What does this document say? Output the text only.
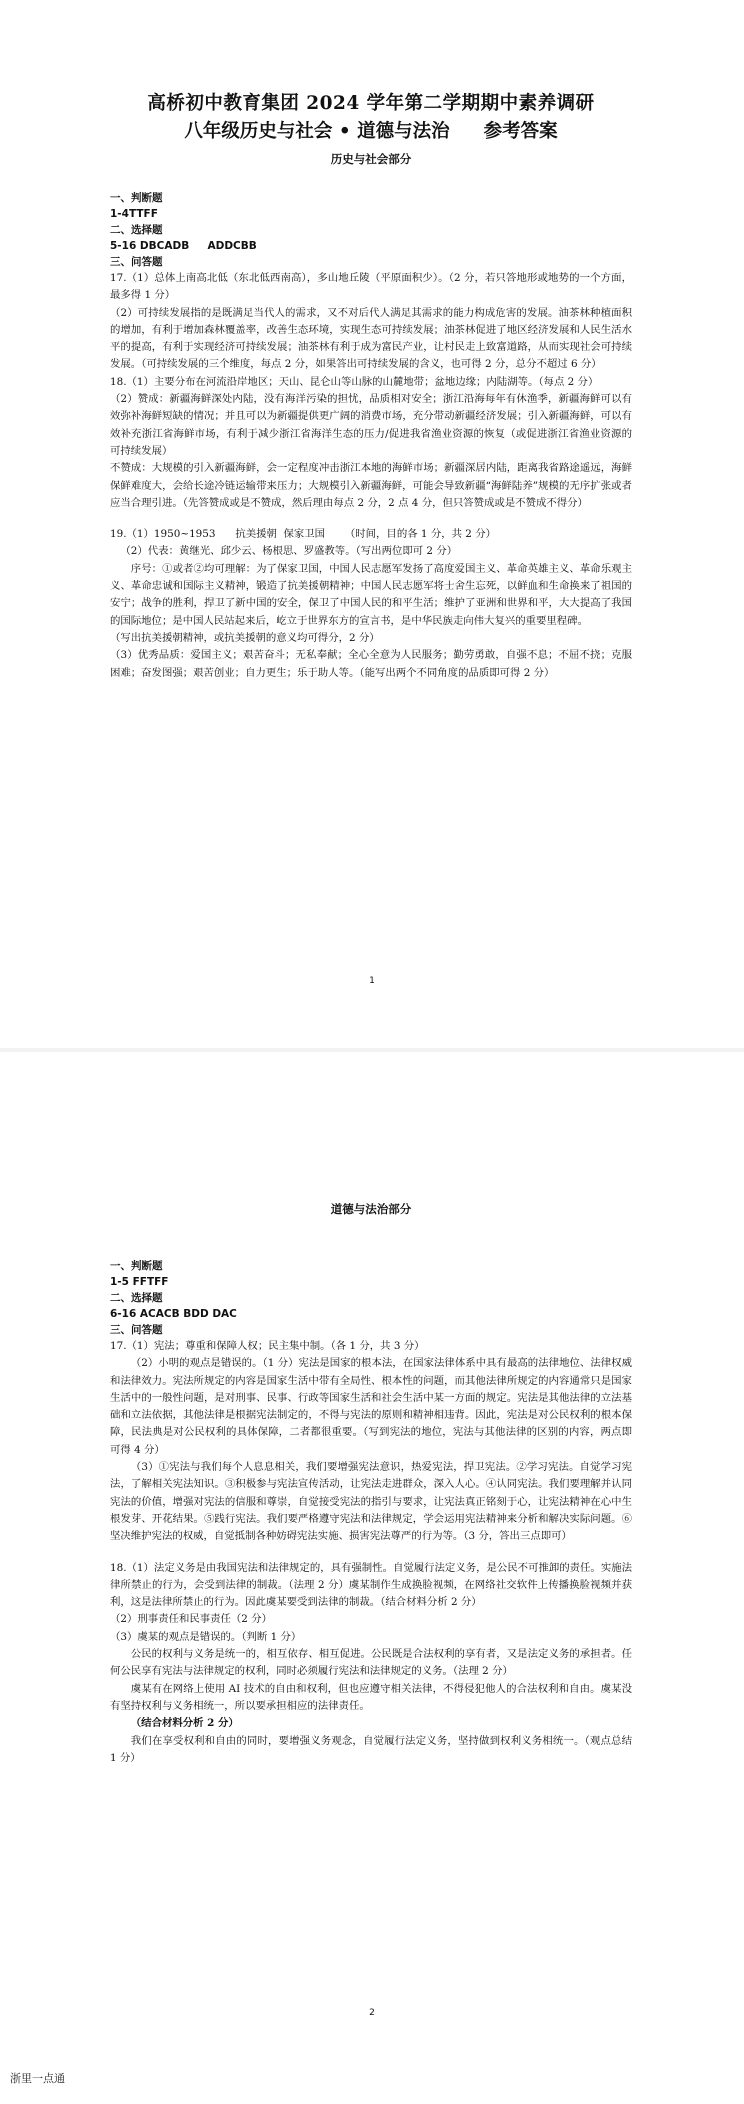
高桥初中教育集团 2024 学年第二学期期中素养调研

八年级历史与社会 • 道德与法治 参考答案

历史与社会部分

一、判断题

1-4TTFF

二、选择题

5-16 DBCADB     ADDCBB

三、问答题

17.（1）总体上南高北低（东北低西南高），多山地丘陵（平原面积少）。（2 分，若只答地形或地势的一个方面，最多得 1 分）

（2）可持续发展指的是既满足当代人的需求，又不对后代人满足其需求的能力构成危害的发展。油茶林种植面积的增加，有利于增加森林覆盖率，改善生态环境，实现生态可持续发展；油茶林促进了地区经济发展和人民生活水平的提高，有利于实现经济可持续发展；油茶林有利于成为富民产业，让村民走上致富道路，从而实现社会可持续发展。（可持续发展的三个维度，每点 2 分，如果答出可持续发展的含义，也可得 2 分，总分不超过 6 分）

18.（1）主要分布在河流沿岸地区；天山、昆仑山等山脉的山麓地带；盆地边缘；内陆湖等。（每点 2 分）

（2）赞成：新疆海鲜深处内陆，没有海洋污染的担忧，品质相对安全；浙江沿海每年有休渔季，新疆海鲜可以有效弥补海鲜短缺的情况；并且可以为新疆提供更广阔的消费市场，充分带动新疆经济发展；引入新疆海鲜，可以有效补充浙江省海鲜市场，有利于减少浙江省海洋生态的压力/促进我省渔业资源的恢复（或促进浙江省渔业资源的可持续发展）

不赞成：大规模的引入新疆海鲜，会一定程度冲击浙江本地的海鲜市场；新疆深居内陆，距离我省路途遥远，海鲜保鲜难度大，会给长途冷链运输带来压力；大规模引入新疆海鲜，可能会导致新疆“海鲜陆养”规模的无序扩张或者应当合理引进。（先答赞成或是不赞成，然后理由每点 2 分，2 点 4 分，但只答赞成或是不赞成不得分）

19.（1）1950~1953      抗美援朝  保家卫国      （时间，目的各 1 分，共 2 分）

（2）代表：黄继光、邱少云、杨根思、罗盛教等。（写出两位即可 2 分）

序号：①或者②均可理解：为了保家卫国，中国人民志愿军发扬了高度爱国主义、革命英雄主义、革命乐观主义、革命忠诚和国际主义精神，锻造了抗美援朝精神；中国人民志愿军将士舍生忘死，以鲜血和生命换来了祖国的安宁；战争的胜利，捍卫了新中国的安全，保卫了中国人民的和平生活；维护了亚洲和世界和平，大大提高了我国的国际地位；是中国人民站起来后，屹立于世界东方的宣言书，是中华民族走向伟大复兴的重要里程碑。

（写出抗美援朝精神，或抗美援朝的意义均可得分，2 分）

（3）优秀品质：爱国主义；艰苦奋斗；无私奉献；全心全意为人民服务；勤劳勇敢，自强不息；不屈不挠；克服困难；奋发图强；艰苦创业；自力更生；乐于助人等。（能写出两个不同角度的品质即可得 2 分）

1

道德与法治部分

一、判断题

1-5 FFTFF

二、选择题

6-16 ACACB BDD DAC

三、问答题

17.（1）宪法；尊重和保障人权；民主集中制。（各 1 分，共 3 分）

（2）小明的观点是错误的。（1 分）宪法是国家的根本法，在国家法律体系中具有最高的法律地位、法律权威和法律效力。宪法所规定的内容是国家生活中带有全局性、根本性的问题，而其他法律所规定的内容通常只是国家生活中的一般性问题，是对刑事、民事、行政等国家生活和社会生活中某一方面的规定。宪法是其他法律的立法基础和立法依据，其他法律是根据宪法制定的，不得与宪法的原则和精神相违背。因此，宪法是对公民权利的根本保障，民法典是对公民权利的具体保障，二者都很重要。（写到宪法的地位，宪法与其他法律的区别的内容，两点即可得 4 分）

（3）①宪法与我们每个人息息相关，我们要增强宪法意识，热爱宪法，捍卫宪法。②学习宪法。自觉学习宪法，了解相关宪法知识。③积极参与宪法宣传活动，让宪法走进群众，深入人心。④认同宪法。我们要理解并认同宪法的价值，增强对宪法的信服和尊崇，自觉接受宪法的指引与要求，让宪法真正铭刻于心，让宪法精神在心中生根发芽、开花结果。⑤践行宪法。我们要严格遵守宪法和法律规定，学会运用宪法精神来分析和解决实际问题。⑥坚决维护宪法的权威，自觉抵制各种妨碍宪法实施、损害宪法尊严的行为等。（3 分，答出三点即可）

18.（1）法定义务是由我国宪法和法律规定的，具有强制性。自觉履行法定义务，是公民不可推卸的责任。实施法律所禁止的行为，会受到法律的制裁。（法理 2 分）虞某制作生成换脸视频，在网络社交软件上传播换脸视频并获利，这是法律所禁止的行为。因此虞某要受到法律的制裁。（结合材料分析 2 分）

（2）刑事责任和民事责任（2 分）

（3）虞某的观点是错误的。（判断 1 分）

公民的权利与义务是统一的，相互依存、相互促进。公民既是合法权利的享有者，又是法定义务的承担者。任何公民享有宪法与法律规定的权利，同时必须履行宪法和法律规定的义务。（法理 2 分）

虞某有在网络上使用 AI 技术的自由和权利，但也应遵守相关法律，不得侵犯他人的合法权利和自由。虞某没有坚持权利与义务相统一，所以要承担相应的法律责任。

（结合材料分析 2 分）

我们在享受权利和自由的同时，要增强义务观念，自觉履行法定义务，坚持做到权利义务相统一。（观点总结 1 分）

2
浙里一点通
